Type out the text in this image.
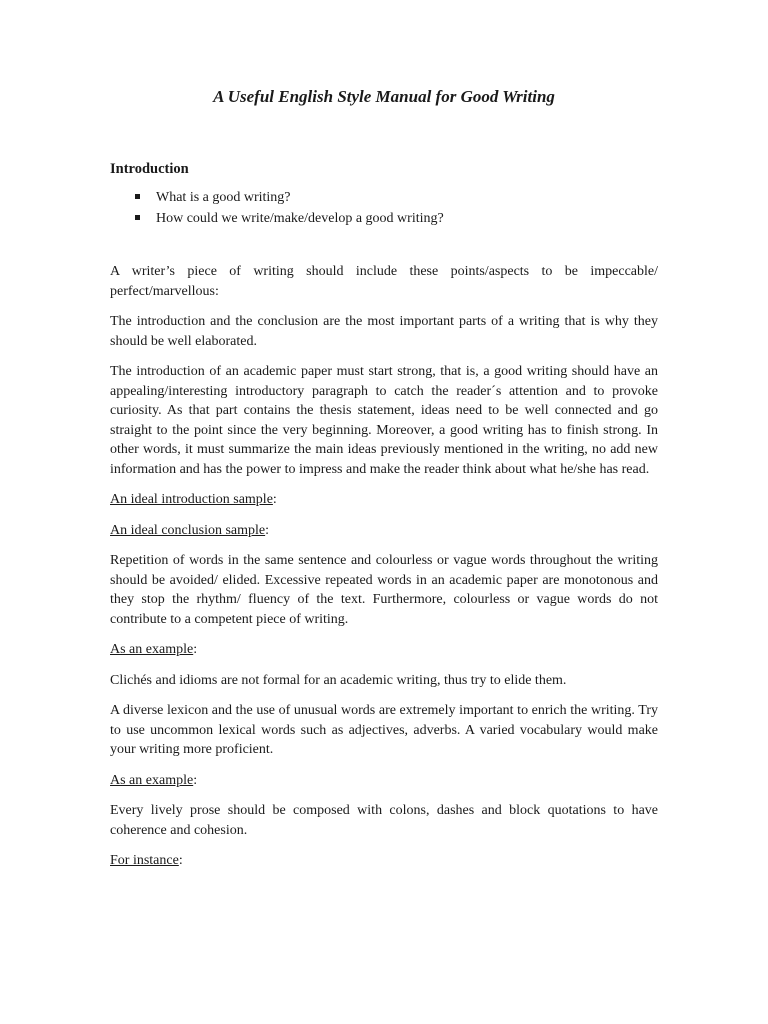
A Useful English Style Manual for Good Writing
Introduction
What is a good writing?
How could we write/make/develop a good writing?

A writer’s piece of writing should include these points/aspects to be impeccable/ perfect/marvellous:

The introduction and the conclusion are the most important parts of a writing that is why they should be well elaborated.

The introduction of an academic paper must start strong, that is, a good writing should have an appealing/interesting introductory paragraph to catch the reader´s attention and to provoke curiosity. As that part contains the thesis statement, ideas need to be well connected and go straight to the point since the very beginning. Moreover, a good writing has to finish strong. In other words, it must summarize the main ideas previously mentioned in the writing, no add new information and has the power to impress and make the reader think about what he/she has read.

An ideal introduction sample:

An ideal conclusion sample:

Repetition of words in the same sentence and colourless or vague words throughout the writing should be avoided/ elided. Excessive repeated words in an academic paper are monotonous and they stop the rhythm/ fluency of the text. Furthermore, colourless or vague words do not contribute to a competent piece of writing.

As an example:

Clichés and idioms are not formal for an academic writing, thus try to elide them.

A diverse lexicon and the use of unusual words are extremely important to enrich the writing. Try to use uncommon lexical words such as adjectives, adverbs. A varied vocabulary would make your writing more proficient.

As an example:

Every lively prose should be composed with colons, dashes and block quotations to have coherence and cohesion.

For instance:
